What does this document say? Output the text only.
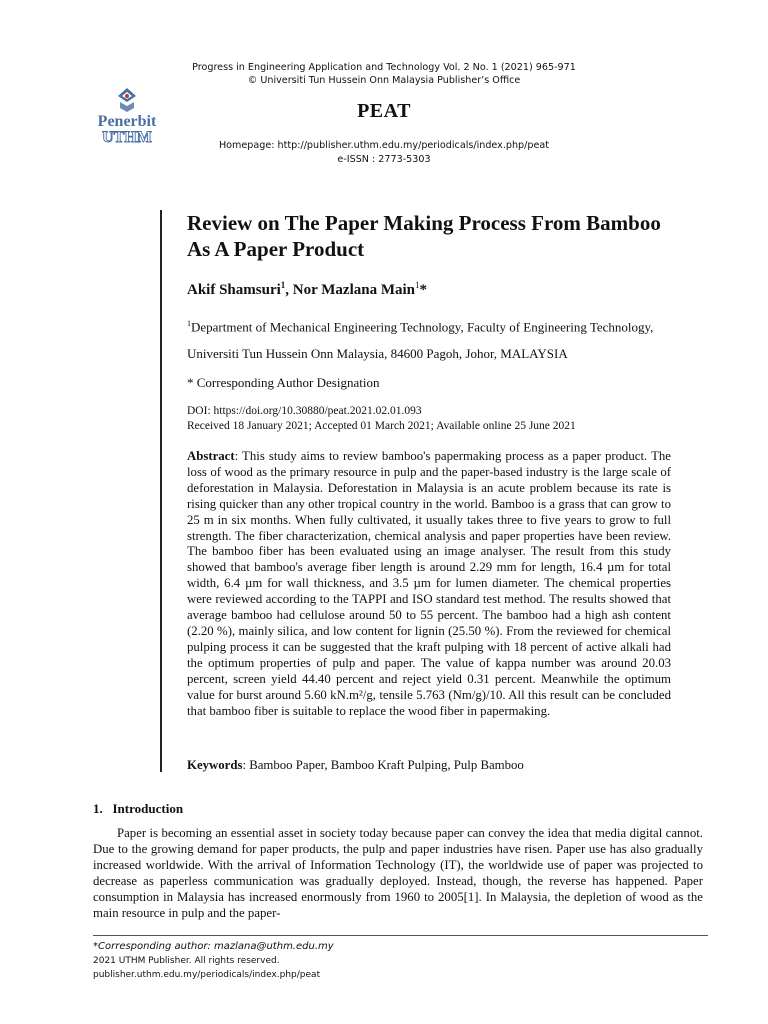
Progress in Engineering Application and Technology Vol. 2 No. 1 (2021) 965-971
© Universiti Tun Hussein Onn Malaysia Publisher’s Office
Penerbit
UTHM
PEAT
Homepage: http://publisher.uthm.edu.my/periodicals/index.php/peat
e-ISSN : 2773-5303
Review on The Paper Making Process From Bamboo As A Paper Product
Akif Shamsuri$^1$, Nor Mazlana Main$^1$*
$^1$Department of Mechanical Engineering Technology, Faculty of Engineering Technology,
Universiti Tun Hussein Onn Malaysia, 84600 Pagoh, Johor, MALAYSIA
* Corresponding Author Designation
DOI: https://doi.org/10.30880/peat.2021.02.01.093
Received 18 January 2021; Accepted 01 March 2021; Available online 25 June 2021
Abstract: This study aims to review bamboo's papermaking process as a paper product. The loss of wood as the primary resource in pulp and the paper-based industry is the large scale of deforestation in Malaysia. Deforestation in Malaysia is an acute problem because its rate is rising quicker than any other tropical country in the world. Bamboo is a grass that can grow to 25 m in six months. When fully cultivated, it usually takes three to five years to grow to full strength. The fiber characterization, chemical analysis and paper properties have been review. The bamboo fiber has been evaluated using an image analyser. The result from this study showed that bamboo's average fiber length is around 2.29 mm for length, 16.4 µm for total width, 6.4 µm for wall thickness, and 3.5 µm for lumen diameter. The chemical properties were reviewed according to the TAPPI and ISO standard test method. The results showed that average bamboo had cellulose around 50 to 55 percent. The bamboo had a high ash content (2.20 %), mainly silica, and low content for lignin (25.50 %). From the reviewed for chemical pulping process it can be suggested that the kraft pulping with 18 percent of active alkali had the optimum properties of pulp and paper. The value of kappa number was around 20.03 percent, screen yield 44.40 percent and reject yield 0.31 percent. Meanwhile the optimum value for burst around 5.60 kN.m²/g, tensile 5.763 (Nm/g)/10. All this result can be concluded that bamboo fiber is suitable to replace the wood fiber in papermaking.
Keywords: Bamboo Paper, Bamboo Kraft Pulping, Pulp Bamboo
1.   Introduction
Paper is becoming an essential asset in society today because paper can convey the idea that media digital cannot. Due to the growing demand for paper products, the pulp and paper industries have risen. Paper use has also gradually increased worldwide. With the arrival of Information Technology (IT), the worldwide use of paper was projected to decrease as paperless communication was gradually deployed. Instead, though, the reverse has happened. Paper consumption in Malaysia has increased enormously from 1960 to 2005[1]. In Malaysia, the depletion of wood as the main resource in pulp and the paper-
*Corresponding author: mazlana@uthm.edu.my
2021 UTHM Publisher. All rights reserved.
publisher.uthm.edu.my/periodicals/index.php/peat
